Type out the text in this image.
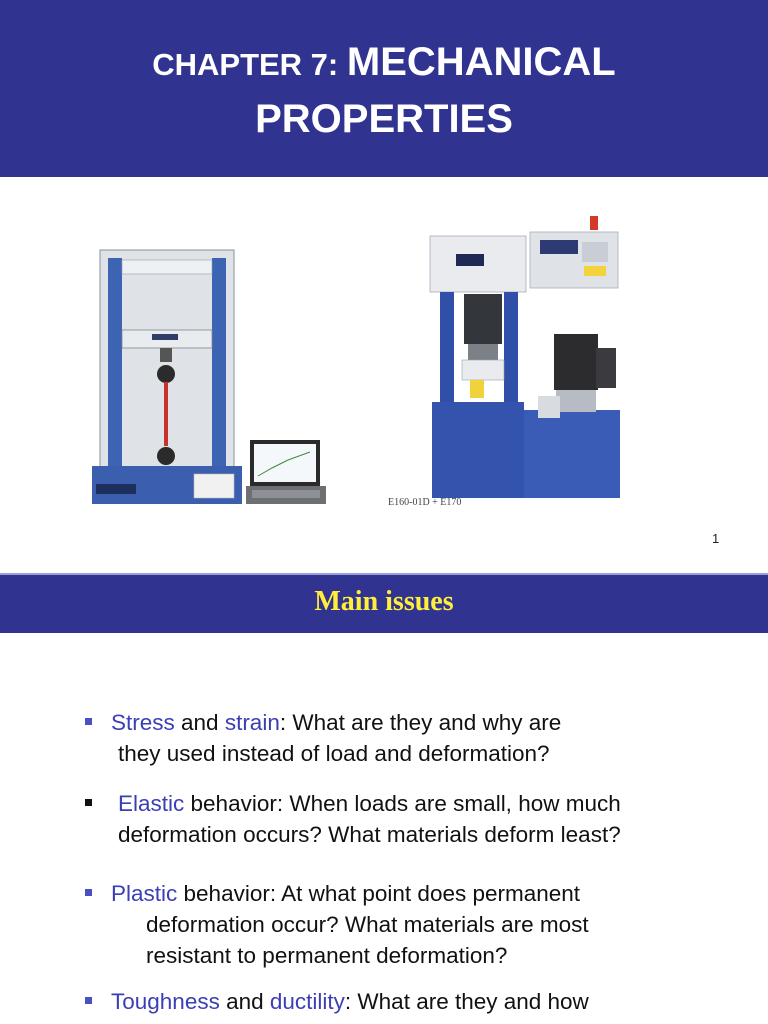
CHAPTER 7: MECHANICAL
PROPERTIES
E160-01D + E170
1
Main issues
Stress and strain: What are they and why are
they used instead of load and deformation?
Elastic behavior: When loads are small, how much
deformation occurs? What materials deform least?
Plastic behavior: At what point does permanent
deformation occur? What materials are most
resistant to permanent deformation?
Toughness and ductility: What are they and how
